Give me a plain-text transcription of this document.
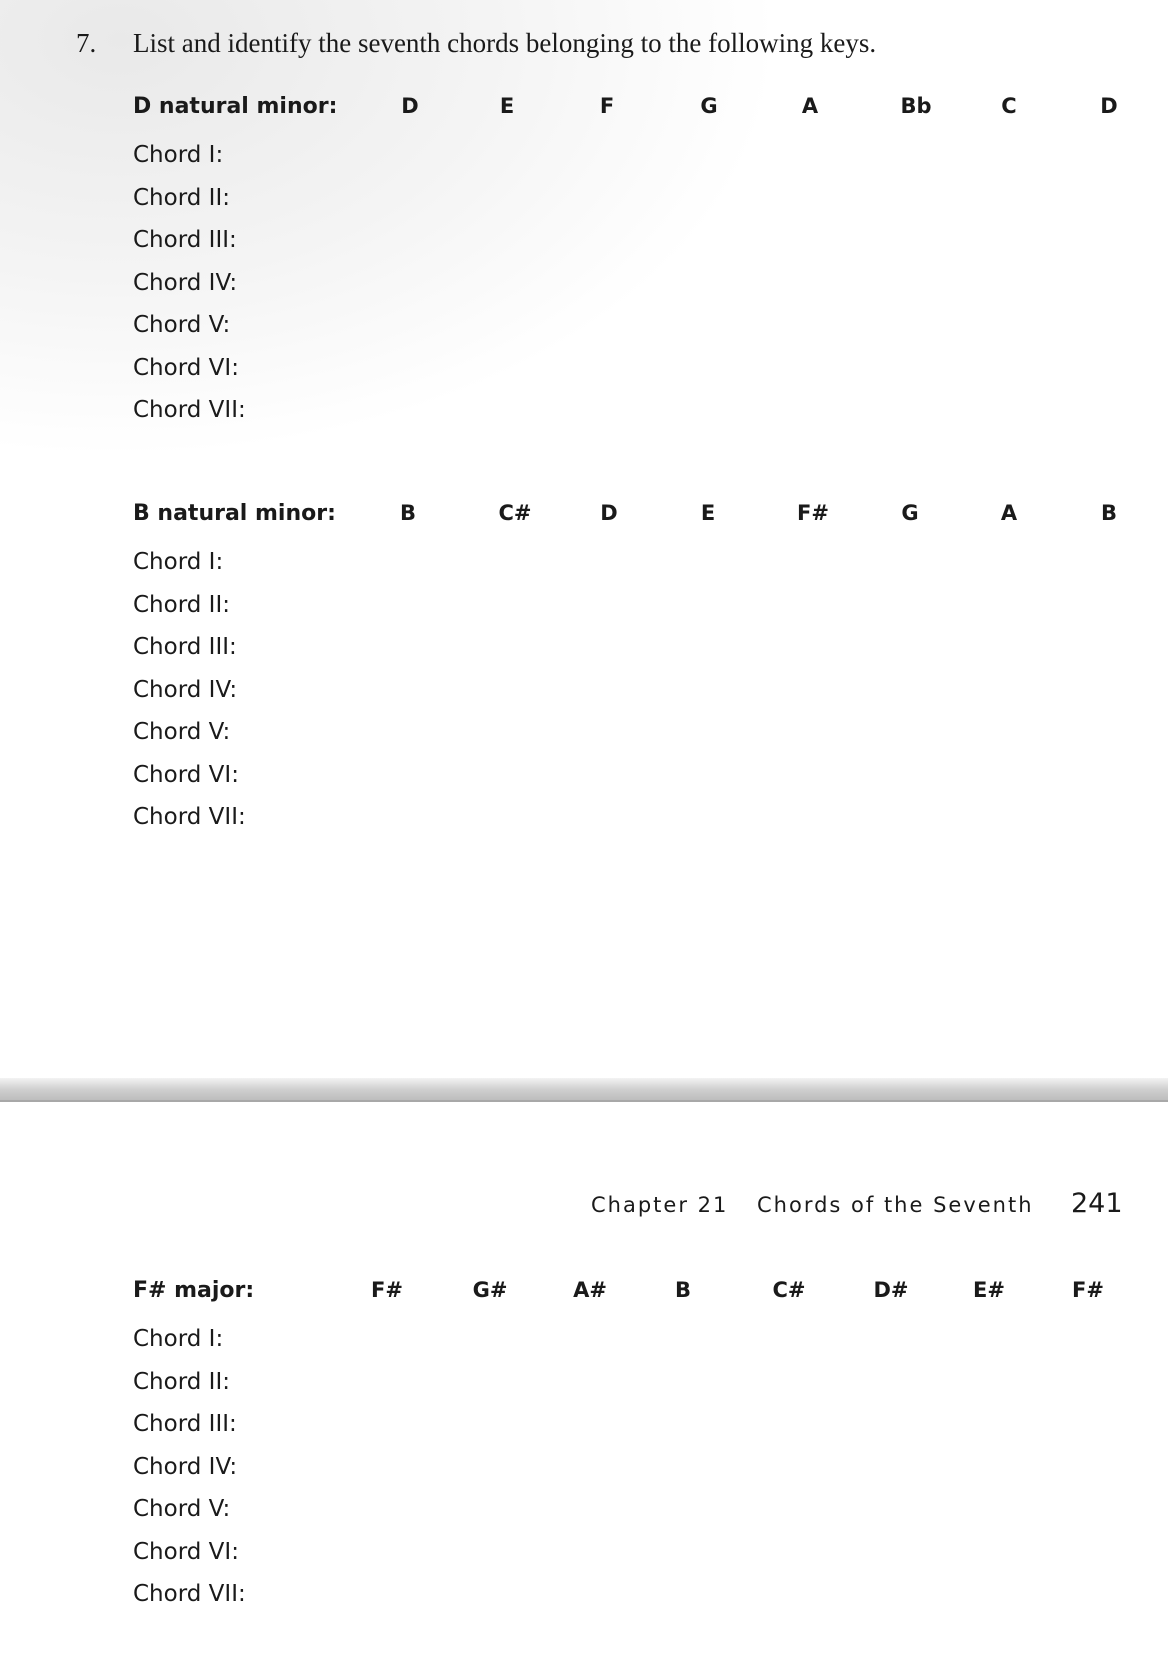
7. List and identify the seventh chords belonging to the following keys.
D natural minor:	D	E	F	G	A	Bb	C	D
Chord I:
Chord II:
Chord III:
Chord IV:
Chord V:
Chord VI:
Chord VII:
B natural minor:	B	C#	D	E	F#	G	A	B
Chord I:
Chord II:
Chord III:
Chord IV:
Chord V:
Chord VI:
Chord VII:
Chapter 21 Chords of the Seventh 241
F# major:	F#	G#	A#	B	C#	D#	E#	F#
Chord I:
Chord II:
Chord III:
Chord IV:
Chord V:
Chord VI:
Chord VII:
